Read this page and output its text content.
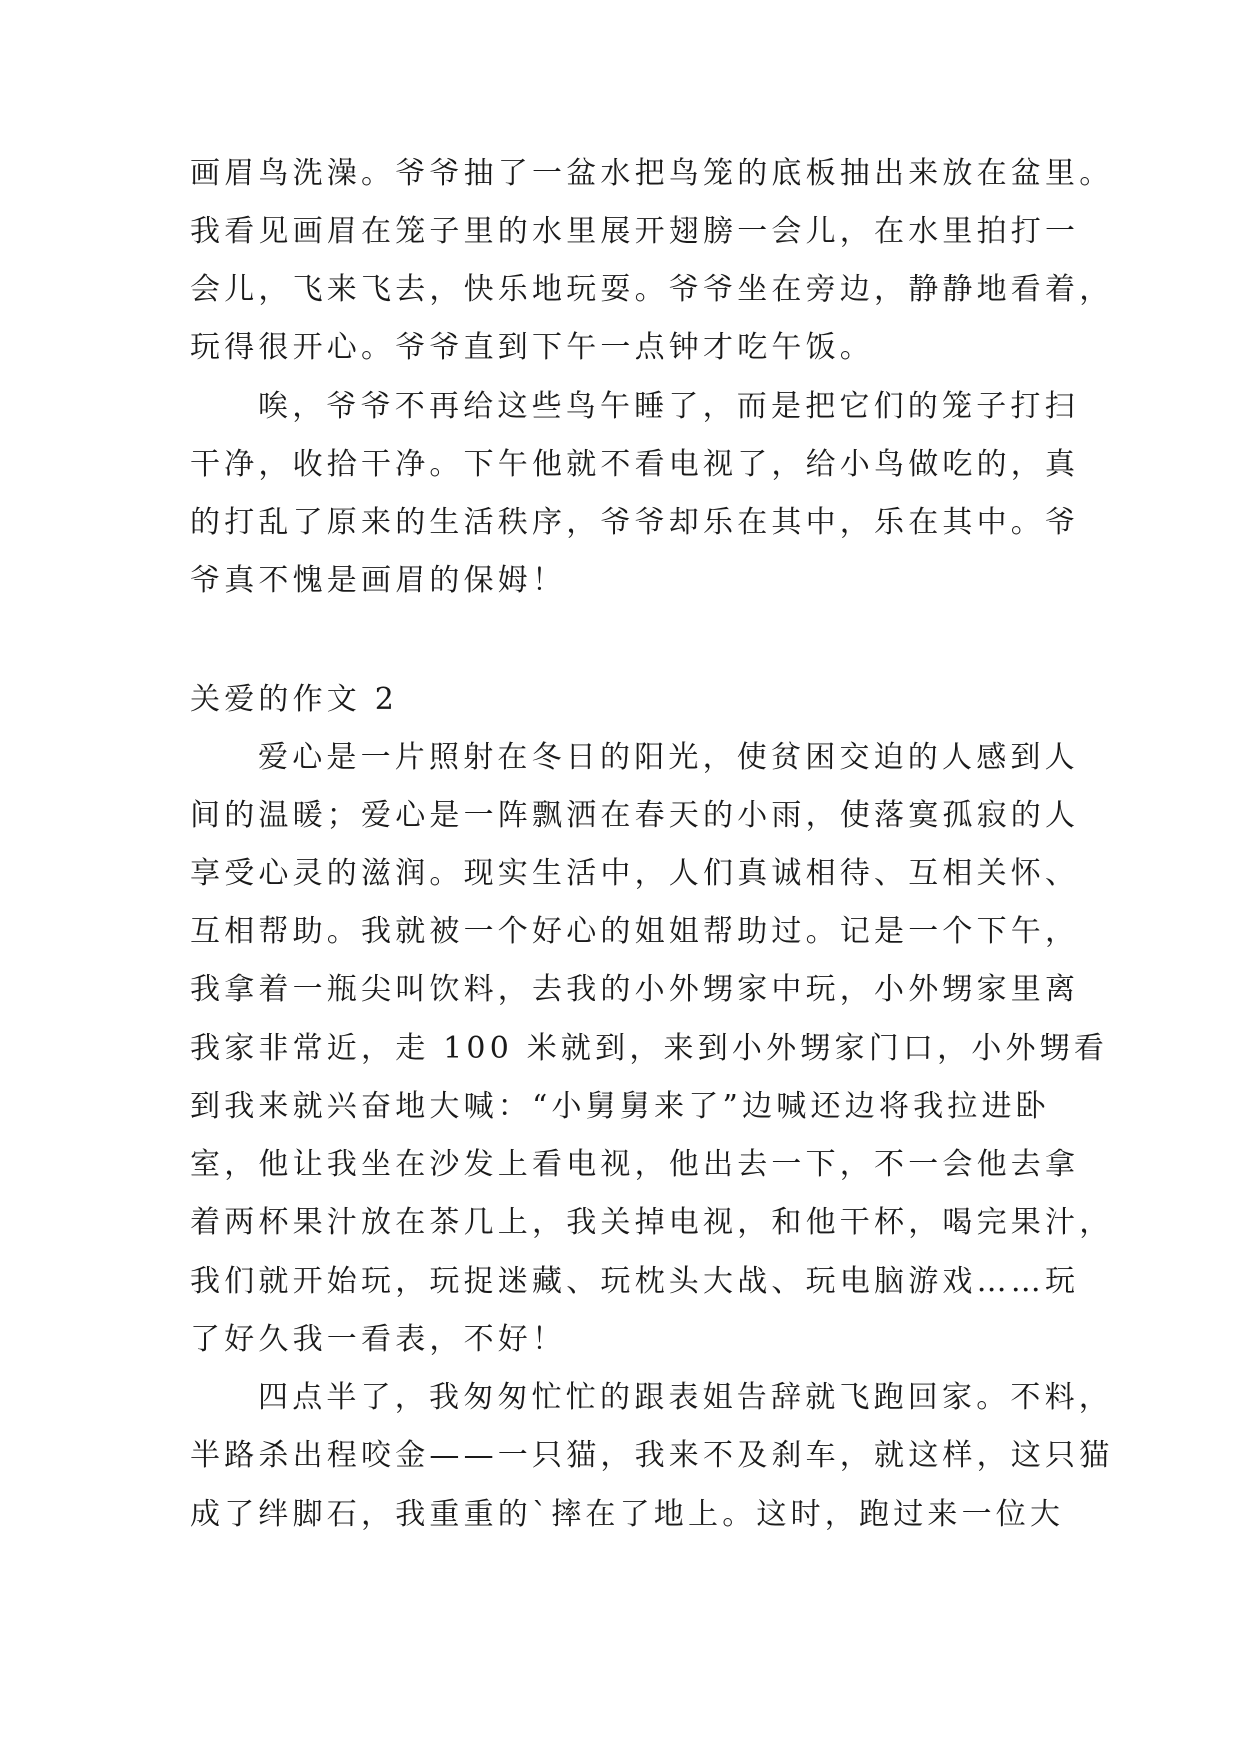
画眉鸟洗澡。爷爷抽了一盆水把鸟笼的底板抽出来放在盆里。
我看见画眉在笼子里的水里展开翅膀一会儿，在水里拍打一
会儿，飞来飞去，快乐地玩耍。爷爷坐在旁边，静静地看着，
玩得很开心。爷爷直到下午一点钟才吃午饭。
唉，爷爷不再给这些鸟午睡了，而是把它们的笼子打扫
干净，收拾干净。下午他就不看电视了，给小鸟做吃的，真
的打乱了原来的生活秩序，爷爷却乐在其中，乐在其中。爷
爷真不愧是画眉的保姆！
关爱的作文 2
爱心是一片照射在冬日的阳光，使贫困交迫的人感到人
间的温暖；爱心是一阵飘洒在春天的小雨，使落寞孤寂的人
享受心灵的滋润。现实生活中，人们真诚相待、互相关怀、
互相帮助。我就被一个好心的姐姐帮助过。记是一个下午，
我拿着一瓶尖叫饮料，去我的小外甥家中玩，小外甥家里离
我家非常近，走 100 米就到，来到小外甥家门口，小外甥看
到我来就兴奋地大喊：“小舅舅来了”边喊还边将我拉进卧
室，他让我坐在沙发上看电视，他出去一下，不一会他去拿
着两杯果汁放在茶几上，我关掉电视，和他干杯，喝完果汁，
我们就开始玩，玩捉迷藏、玩枕头大战、玩电脑游戏……玩
了好久我一看表，不好！
四点半了，我匆匆忙忙的跟表姐告辞就飞跑回家。不料，
半路杀出程咬金——一只猫，我来不及刹车，就这样，这只猫
成了绊脚石，我重重的`摔在了地上。这时，跑过来一位大
